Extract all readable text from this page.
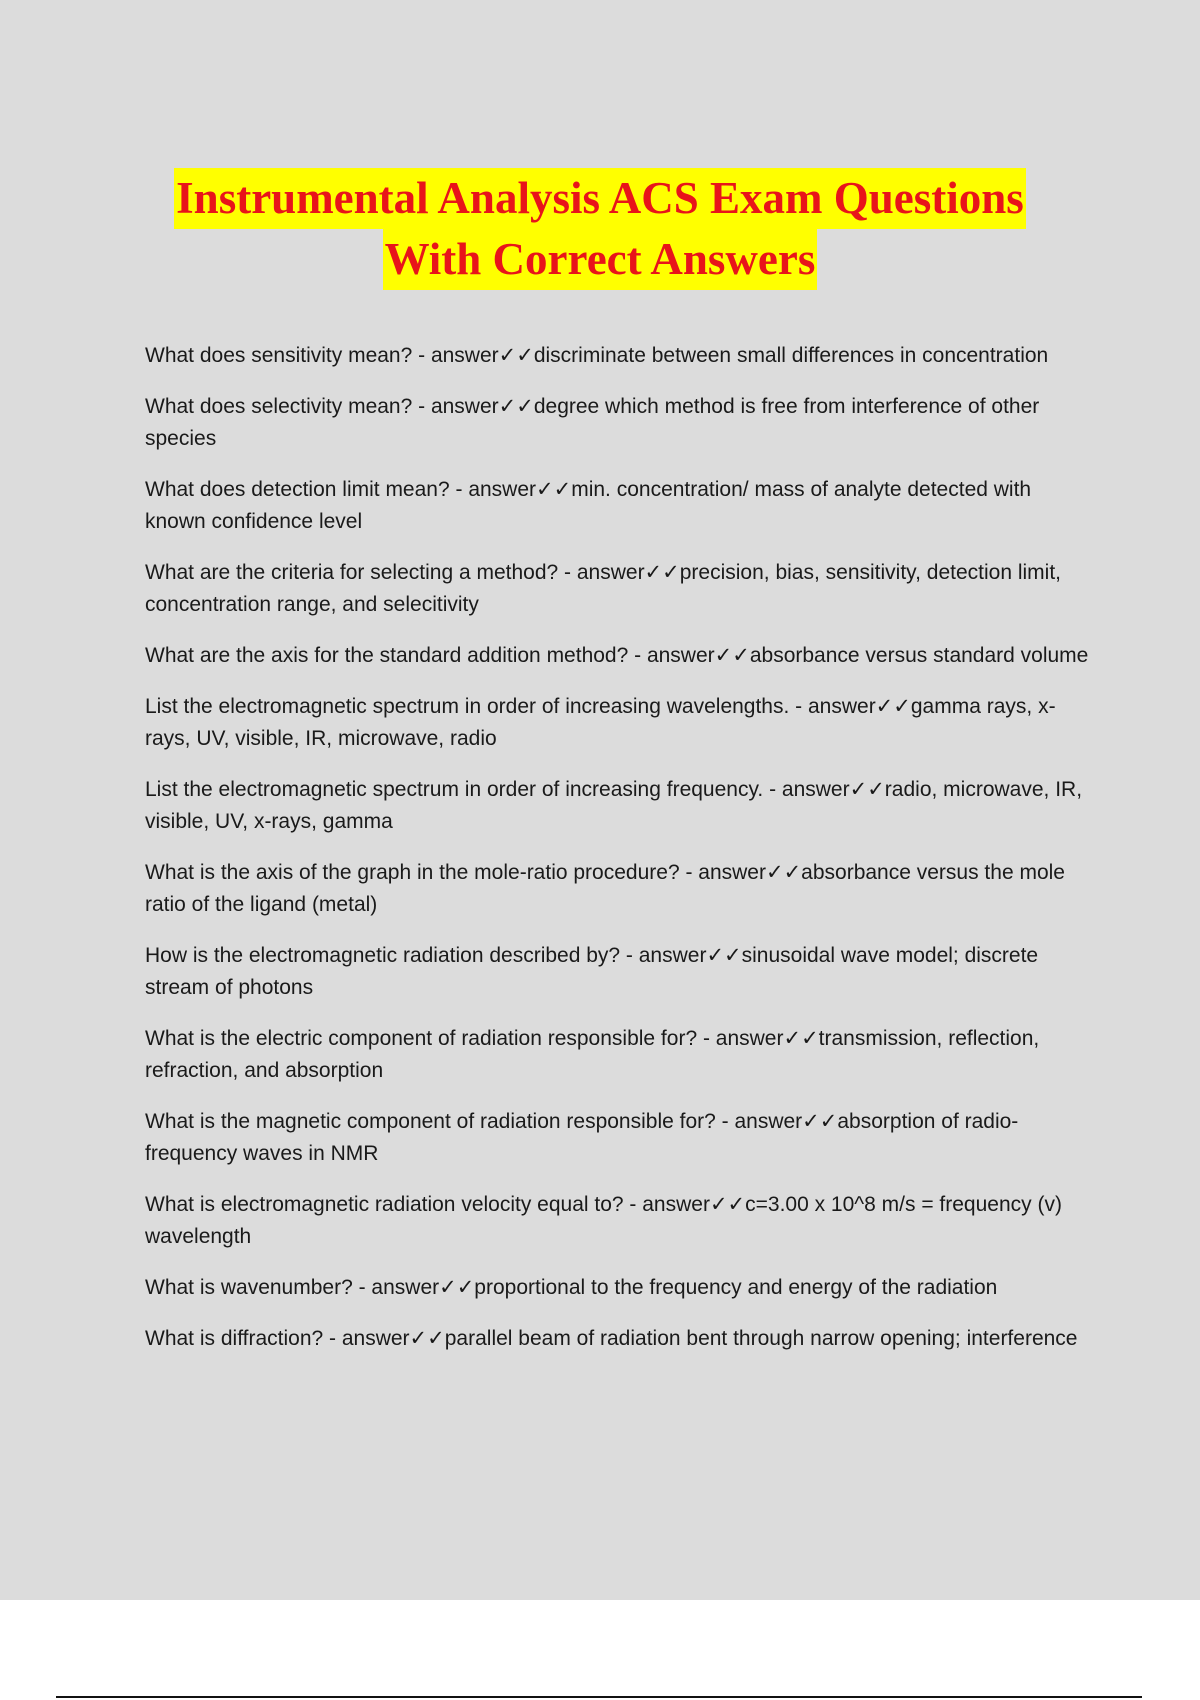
Instrumental Analysis ACS Exam Questions
With Correct Answers

What does sensitivity mean? - answer✓✓discriminate between small differences in concentration

What does selectivity mean? - answer✓✓degree which method is free from interference of other species

What does detection limit mean? - answer✓✓min. concentration/ mass of analyte detected with known confidence level

What are the criteria for selecting a method? - answer✓✓precision, bias, sensitivity, detection limit, concentration range, and selecitivity

What are the axis for the standard addition method? - answer✓✓absorbance versus standard volume

List the electromagnetic spectrum in order of increasing wavelengths. - answer✓✓gamma rays, x-rays, UV, visible, IR, microwave, radio

List the electromagnetic spectrum in order of increasing frequency. - answer✓✓radio, microwave, IR, visible, UV, x-rays, gamma

What is the axis of the graph in the mole-ratio procedure? - answer✓✓absorbance versus the mole ratio of the ligand (metal)

How is the electromagnetic radiation described by? - answer✓✓sinusoidal wave model; discrete stream of photons

What is the electric component of radiation responsible for? - answer✓✓transmission, reflection, refraction, and absorption

What is the magnetic component of radiation responsible for? - answer✓✓absorption of radio-frequency waves in NMR

What is electromagnetic radiation velocity equal to? - answer✓✓c=3.00 x 10^8 m/s = frequency (v) wavelength

What is wavenumber? - answer✓✓proportional to the frequency and energy of the radiation

What is diffraction? - answer✓✓parallel beam of radiation bent through narrow opening; interference
